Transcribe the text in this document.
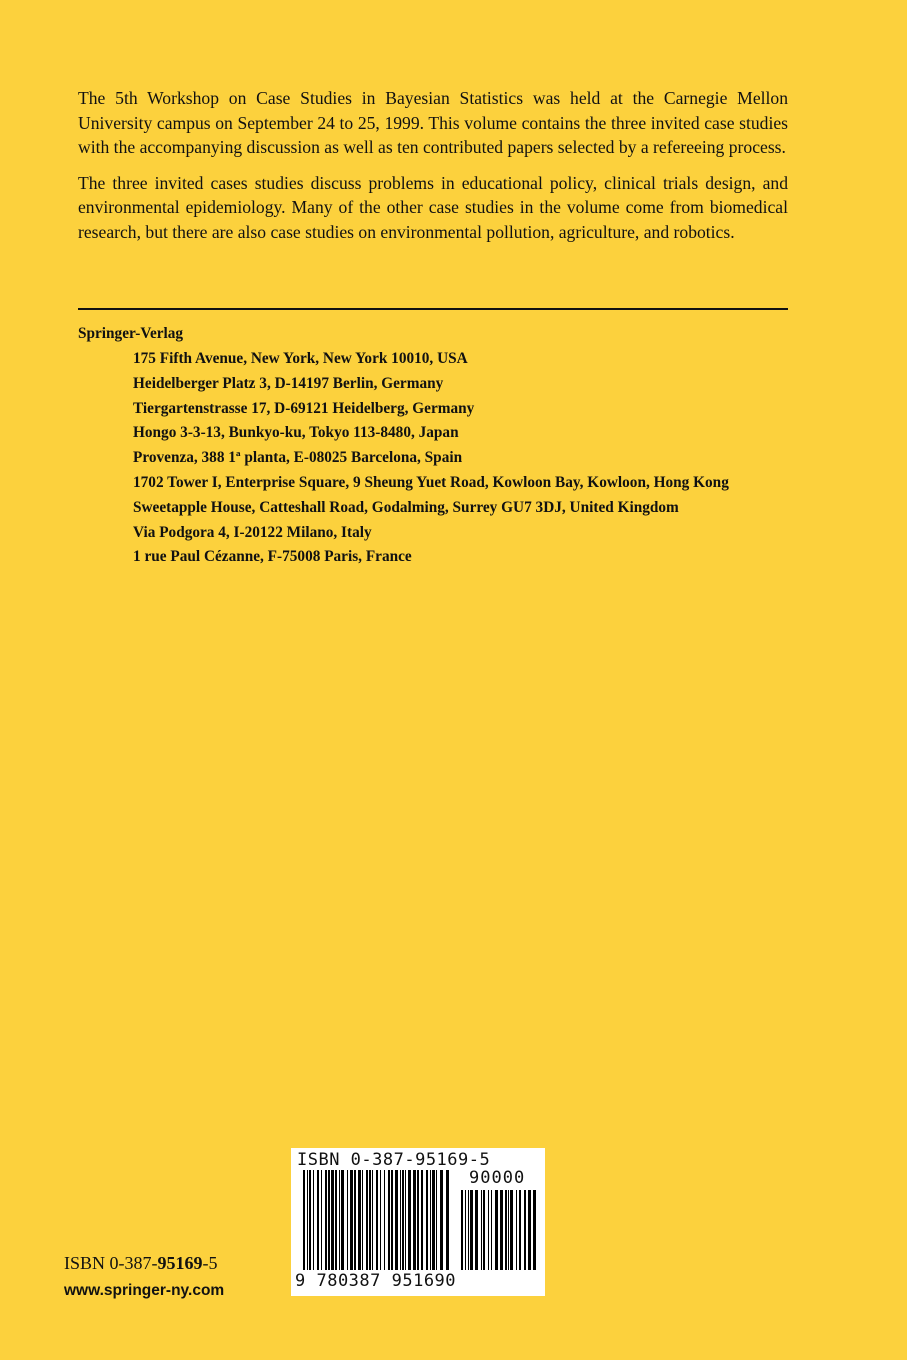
The 5th Workshop on Case Studies in Bayesian Statistics was held at the Carnegie Mellon University campus on September 24 to 25, 1999. This volume contains the three invited case studies with the accompanying discussion as well as ten contributed papers selected by a refereeing process.

The three invited cases studies discuss problems in educational policy, clinical trials design, and environmental epidemiology. Many of the other case studies in the volume come from biomedical research, but there are also case studies on environmental pollution, agriculture, and robotics.

Springer-Verlag
175 Fifth Avenue, New York, New York 10010, USA
Heidelberger Platz 3, D-14197 Berlin, Germany
Tiergartenstrasse 17, D-69121 Heidelberg, Germany
Hongo 3-3-13, Bunkyo-ku, Tokyo 113-8480, Japan
Provenza, 388 1ª planta, E-08025 Barcelona, Spain
1702 Tower I, Enterprise Square, 9 Sheung Yuet Road, Kowloon Bay, Kowloon, Hong Kong
Sweetapple House, Catteshall Road, Godalming, Surrey GU7 3DJ, United Kingdom
Via Podgora 4, I-20122 Milano, Italy
1 rue Paul Cézanne, F-75008 Paris, France
ISBN 0-387-95169-5
90000
9 780387 951690
ISBN 0-387-95169-5
www.springer-ny.com
